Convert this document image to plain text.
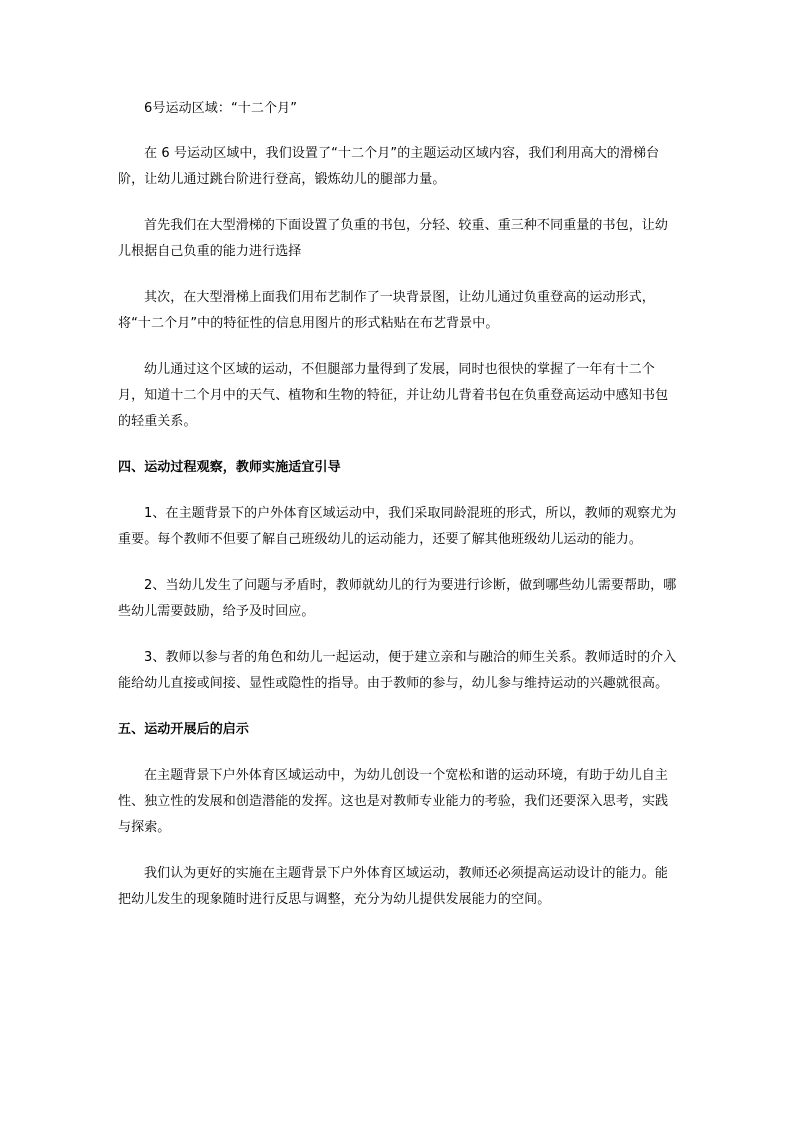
6号运动区域：“十二个月”

在 6 号运动区域中，我们设置了“十二个月”的主题运动区域内容，我们利用高大的滑梯台阶，让幼儿通过跳台阶进行登高，锻炼幼儿的腿部力量。

首先我们在大型滑梯的下面设置了负重的书包，分轻、较重、重三种不同重量的书包，让幼儿根据自己负重的能力进行选择

其次，在大型滑梯上面我们用布艺制作了一块背景图，让幼儿通过负重登高的运动形式，将“十二个月”中的特征性的信息用图片的形式粘贴在布艺背景中。

幼儿通过这个区域的运动，不但腿部力量得到了发展，同时也很快的掌握了一年有十二个月，知道十二个月中的天气、植物和生物的特征，并让幼儿背着书包在负重登高运动中感知书包的轻重关系。

四、运动过程观察，教师实施适宜引导

1、在主题背景下的户外体育区域运动中，我们采取同龄混班的形式，所以，教师的观察尤为重要。每个教师不但要了解自己班级幼儿的运动能力，还要了解其他班级幼儿运动的能力。

2、当幼儿发生了问题与矛盾时，教师就幼儿的行为要进行诊断，做到哪些幼儿需要帮助，哪些幼儿需要鼓励，给予及时回应。

3、教师以参与者的角色和幼儿一起运动，便于建立亲和与融洽的师生关系。教师适时的介入能给幼儿直接或间接、显性或隐性的指导。由于教师的参与，幼儿参与维持运动的兴趣就很高。

五、运动开展后的启示

在主题背景下户外体育区域运动中，为幼儿创设一个宽松和谐的运动环境，有助于幼儿自主性、独立性的发展和创造潜能的发挥。这也是对教师专业能力的考验，我们还要深入思考，实践与探索。

我们认为更好的实施在主题背景下户外体育区域运动，教师还必须提高运动设计的能力。能把幼儿发生的现象随时进行反思与调整，充分为幼儿提供发展能力的空间。
